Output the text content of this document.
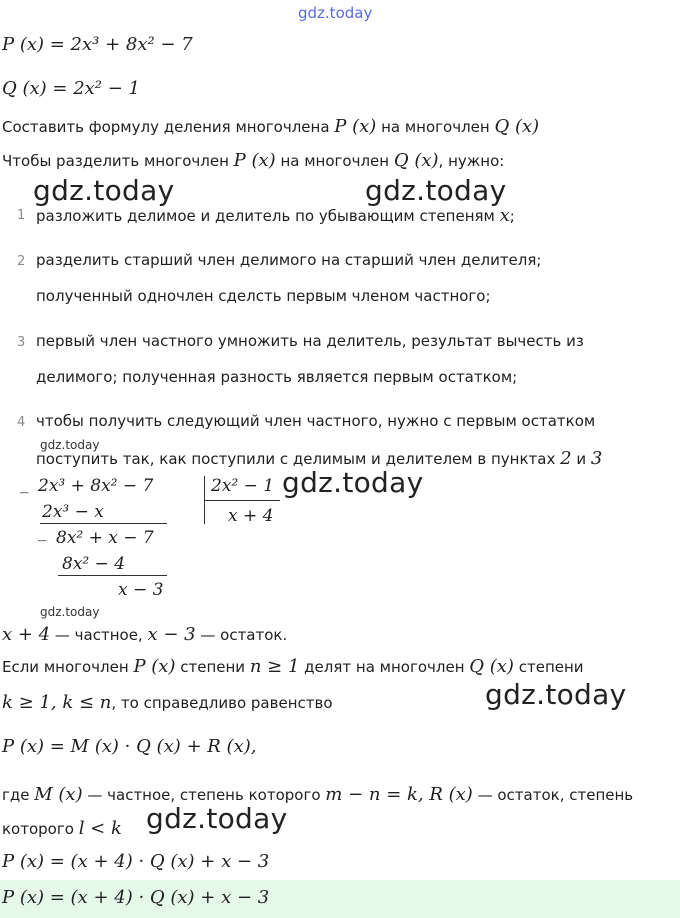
gdz.today
gdz.today	gdz.today
gdz.today
gdz.today
gdz.today
gdz.today
gdz.today
P (x) = 2x³ + 8x² − 7
Q (x) = 2x² − 1
Составить формулу деления многочлена P (x) на многочлен Q (x)
Чтобы разделить многочлен P (x) на многочлен Q (x), нужно:
1 разложить делимое и делитель по убывающим степеням x;
2 разделить старший член делимого на старший член делителя;
полученный одночлен сделсть первым членом частного;
3 первый член частного умножить на делитель, результат вычесть из
делимого; полученная разность является первым остатком;
4 чтобы получить следующий член частного, нужно с первым остатком
поступить так, как поступили с делимым и делителем в пунктах 2 и 3
_ 2x³ + 8x² − 7
2x³ − x
_ 8x² + x − 7
8x² − 4
x − 3
2x² − 1
x + 4
x + 4 — частное, x − 3 — остаток.
Если многочлен P (x) степени n ≥ 1 делят на многочлен Q (x) степени
k ≥ 1, k ≤ n, то справедливо равенство
P (x) = M (x) · Q (x) + R (x),
где M (x) — частное, степень которого m − n = k, R (x) — остаток, степень
которого l < k
P (x) = (x + 4) · Q (x) + x − 3
P (x) = (x + 4) · Q (x) + x − 3
